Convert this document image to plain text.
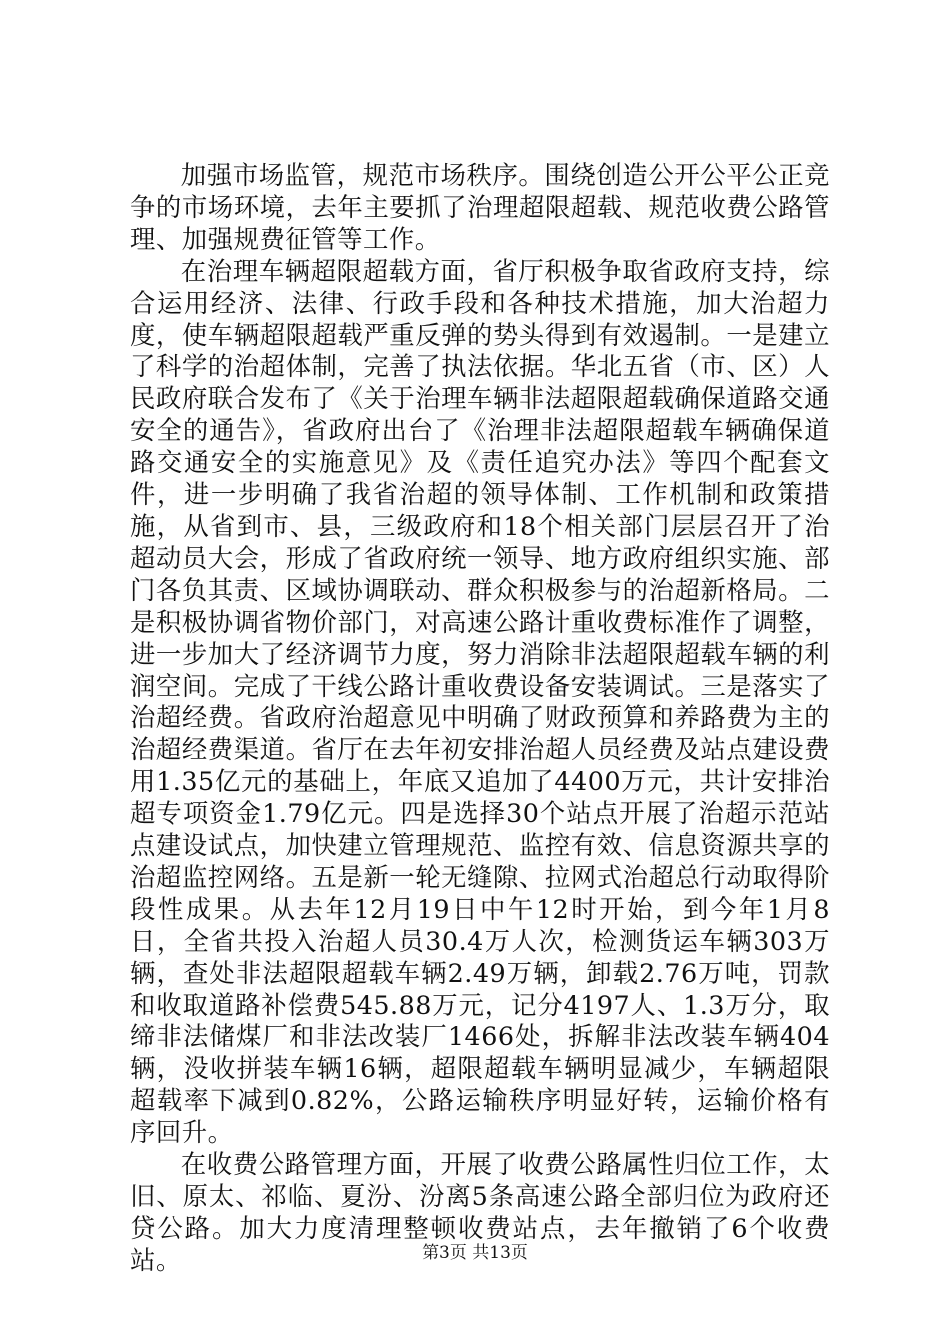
加强市场监管，规范市场秩序。围绕创造公开公平公正竞争的市场环境，去年主要抓了治理超限超载、规范收费公路管理、加强规费征管等工作。

在治理车辆超限超载方面，省厅积极争取省政府支持，综合运用经济、法律、行政手段和各种技术措施，加大治超力度，使车辆超限超载严重反弹的势头得到有效遏制。一是建立了科学的治超体制，完善了执法依据。华北五省（市、区）人民政府联合发布了《关于治理车辆非法超限超载确保道路交通安全的通告》，省政府出台了《治理非法超限超载车辆确保道路交通安全的实施意见》及《责任追究办法》等四个配套文件，进一步明确了我省治超的领导体制、工作机制和政策措施，从省到市、县，三级政府和18个相关部门层层召开了治超动员大会，形成了省政府统一领导、地方政府组织实施、部门各负其责、区域协调联动、群众积极参与的治超新格局。二是积极协调省物价部门，对高速公路计重收费标准作了调整，进一步加大了经济调节力度，努力消除非法超限超载车辆的利润空间。完成了干线公路计重收费设备安装调试。三是落实了治超经费。省政府治超意见中明确了财政预算和养路费为主的治超经费渠道。省厅在去年初安排治超人员经费及站点建设费用1.35亿元的基础上，年底又追加了4400万元，共计安排治超专项资金1.79亿元。四是选择30个站点开展了治超示范站点建设试点，加快建立管理规范、监控有效、信息资源共享的治超监控网络。五是新一轮无缝隙、拉网式治超总行动取得阶段性成果。从去年12月19日中午12时开始，到今年1月8日，全省共投入治超人员30.4万人次，检测货运车辆303万辆，查处非法超限超载车辆2.49万辆，卸载2.76万吨，罚款和收取道路补偿费545.88万元，记分4197人、1.3万分，取缔非法储煤厂和非法改装厂1466处，拆解非法改装车辆404辆，没收拼装车辆16辆，超限超载车辆明显减少，车辆超限超载率下减到0.82%，公路运输秩序明显好转，运输价格有序回升。

在收费公路管理方面，开展了收费公路属性归位工作，太旧、原太、祁临、夏汾、汾离5条高速公路全部归位为政府还贷公路。加大力度清理整顿收费站点，去年撤销了6个收费站。	第3页 共13页
